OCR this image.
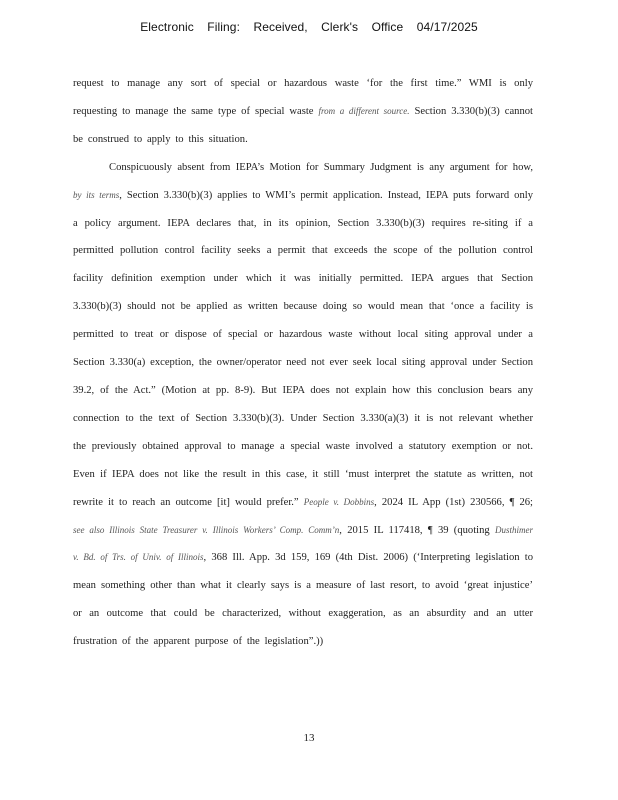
Electronic Filing: Received, Clerk's Office 04/17/2025

request to manage any sort of special or hazardous waste ‘for the first time.” WMI is only requesting to manage the same type of special waste from a different source. Section 3.330(b)(3) cannot be construed to apply to this situation.

Conspicuously absent from IEPA’s Motion for Summary Judgment is any argument for how, by its terms, Section 3.330(b)(3) applies to WMI’s permit application. Instead, IEPA puts forward only a policy argument. IEPA declares that, in its opinion, Section 3.330(b)(3) requires re-siting if a permitted pollution control facility seeks a permit that exceeds the scope of the pollution control facility definition exemption under which it was initially permitted. IEPA argues that Section 3.330(b)(3) should not be applied as written because doing so would mean that ‘once a facility is permitted to treat or dispose of special or hazardous waste without local siting approval under a Section 3.330(a) exception, the owner/operator need not ever seek local siting approval under Section 39.2, of the Act.” (Motion at pp. 8-9). But IEPA does not explain how this conclusion bears any connection to the text of Section 3.330(b)(3). Under Section 3.330(a)(3) it is not relevant whether the previously obtained approval to manage a special waste involved a statutory exemption or not. Even if IEPA does not like the result in this case, it still ‘must interpret the statute as written, not rewrite it to reach an outcome [it] would prefer.” People v. Dobbins, 2024 IL App (1st) 230566, ¶ 26; see also Illinois State Treasurer v. Illinois Workers’ Comp. Comm’n, 2015 IL 117418, ¶ 39 (quoting Dusthimer v. Bd. of Trs. of Univ. of Illinois, 368 Ill. App. 3d 159, 169 (4th Dist. 2006) (‘Interpreting legislation to mean something other than what it clearly says is a measure of last resort, to avoid ‘great injustice’ or an outcome that could be characterized, without exaggeration, as an absurdity and an utter frustration of the apparent purpose of the legislation”.))

13
